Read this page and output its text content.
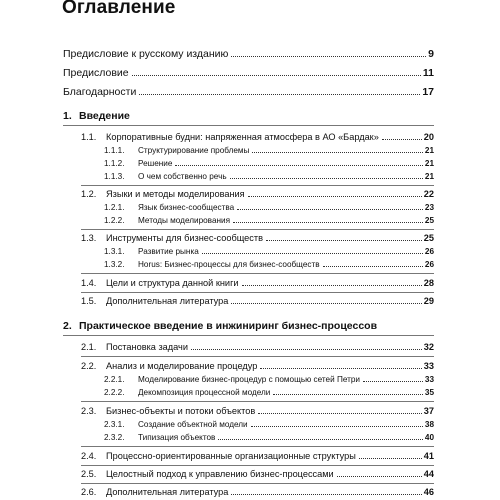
Оглавление
Предисловие к русскому изданию	9
Предисловие	11
Благодарности	17
1. Введение
1.1.	Корпоративные будни: напряженная атмосфера в АО «Бардак»	20
1.1.1.	Структурирование проблемы	21
1.1.2.	Решение	21
1.1.3.	О чем собственно речь	21
1.2.	Языки и методы моделирования	22
1.2.1.	Язык бизнес-сообщества	23
1.2.2.	Методы моделирования	25
1.3.	Инструменты для бизнес-сообществ	25
1.3.1.	Развитие рынка	26
1.3.2.	Horus: Бизнес-процессы для бизнес-сообществ	26
1.4.	Цели и структура данной книги	28
1.5.	Дополнительная литература	29
2. Практическое введение в инжиниринг бизнес-процессов
2.1.	Постановка задачи	32
2.2.	Анализ и моделирование процедур	33
2.2.1.	Моделирование бизнес-процедур с помощью сетей Петри	33
2.2.2.	Декомпозиция процессной модели	35
2.3.	Бизнес-объекты и потоки объектов	37
2.3.1.	Создание объектной модели	38
2.3.2.	Типизация объектов	40
2.4.	Процессно-ориентированные организационные структуры	41
2.5.	Целостный подход к управлению бизнес-процессами	44
2.6.	Дополнительная литература	46
